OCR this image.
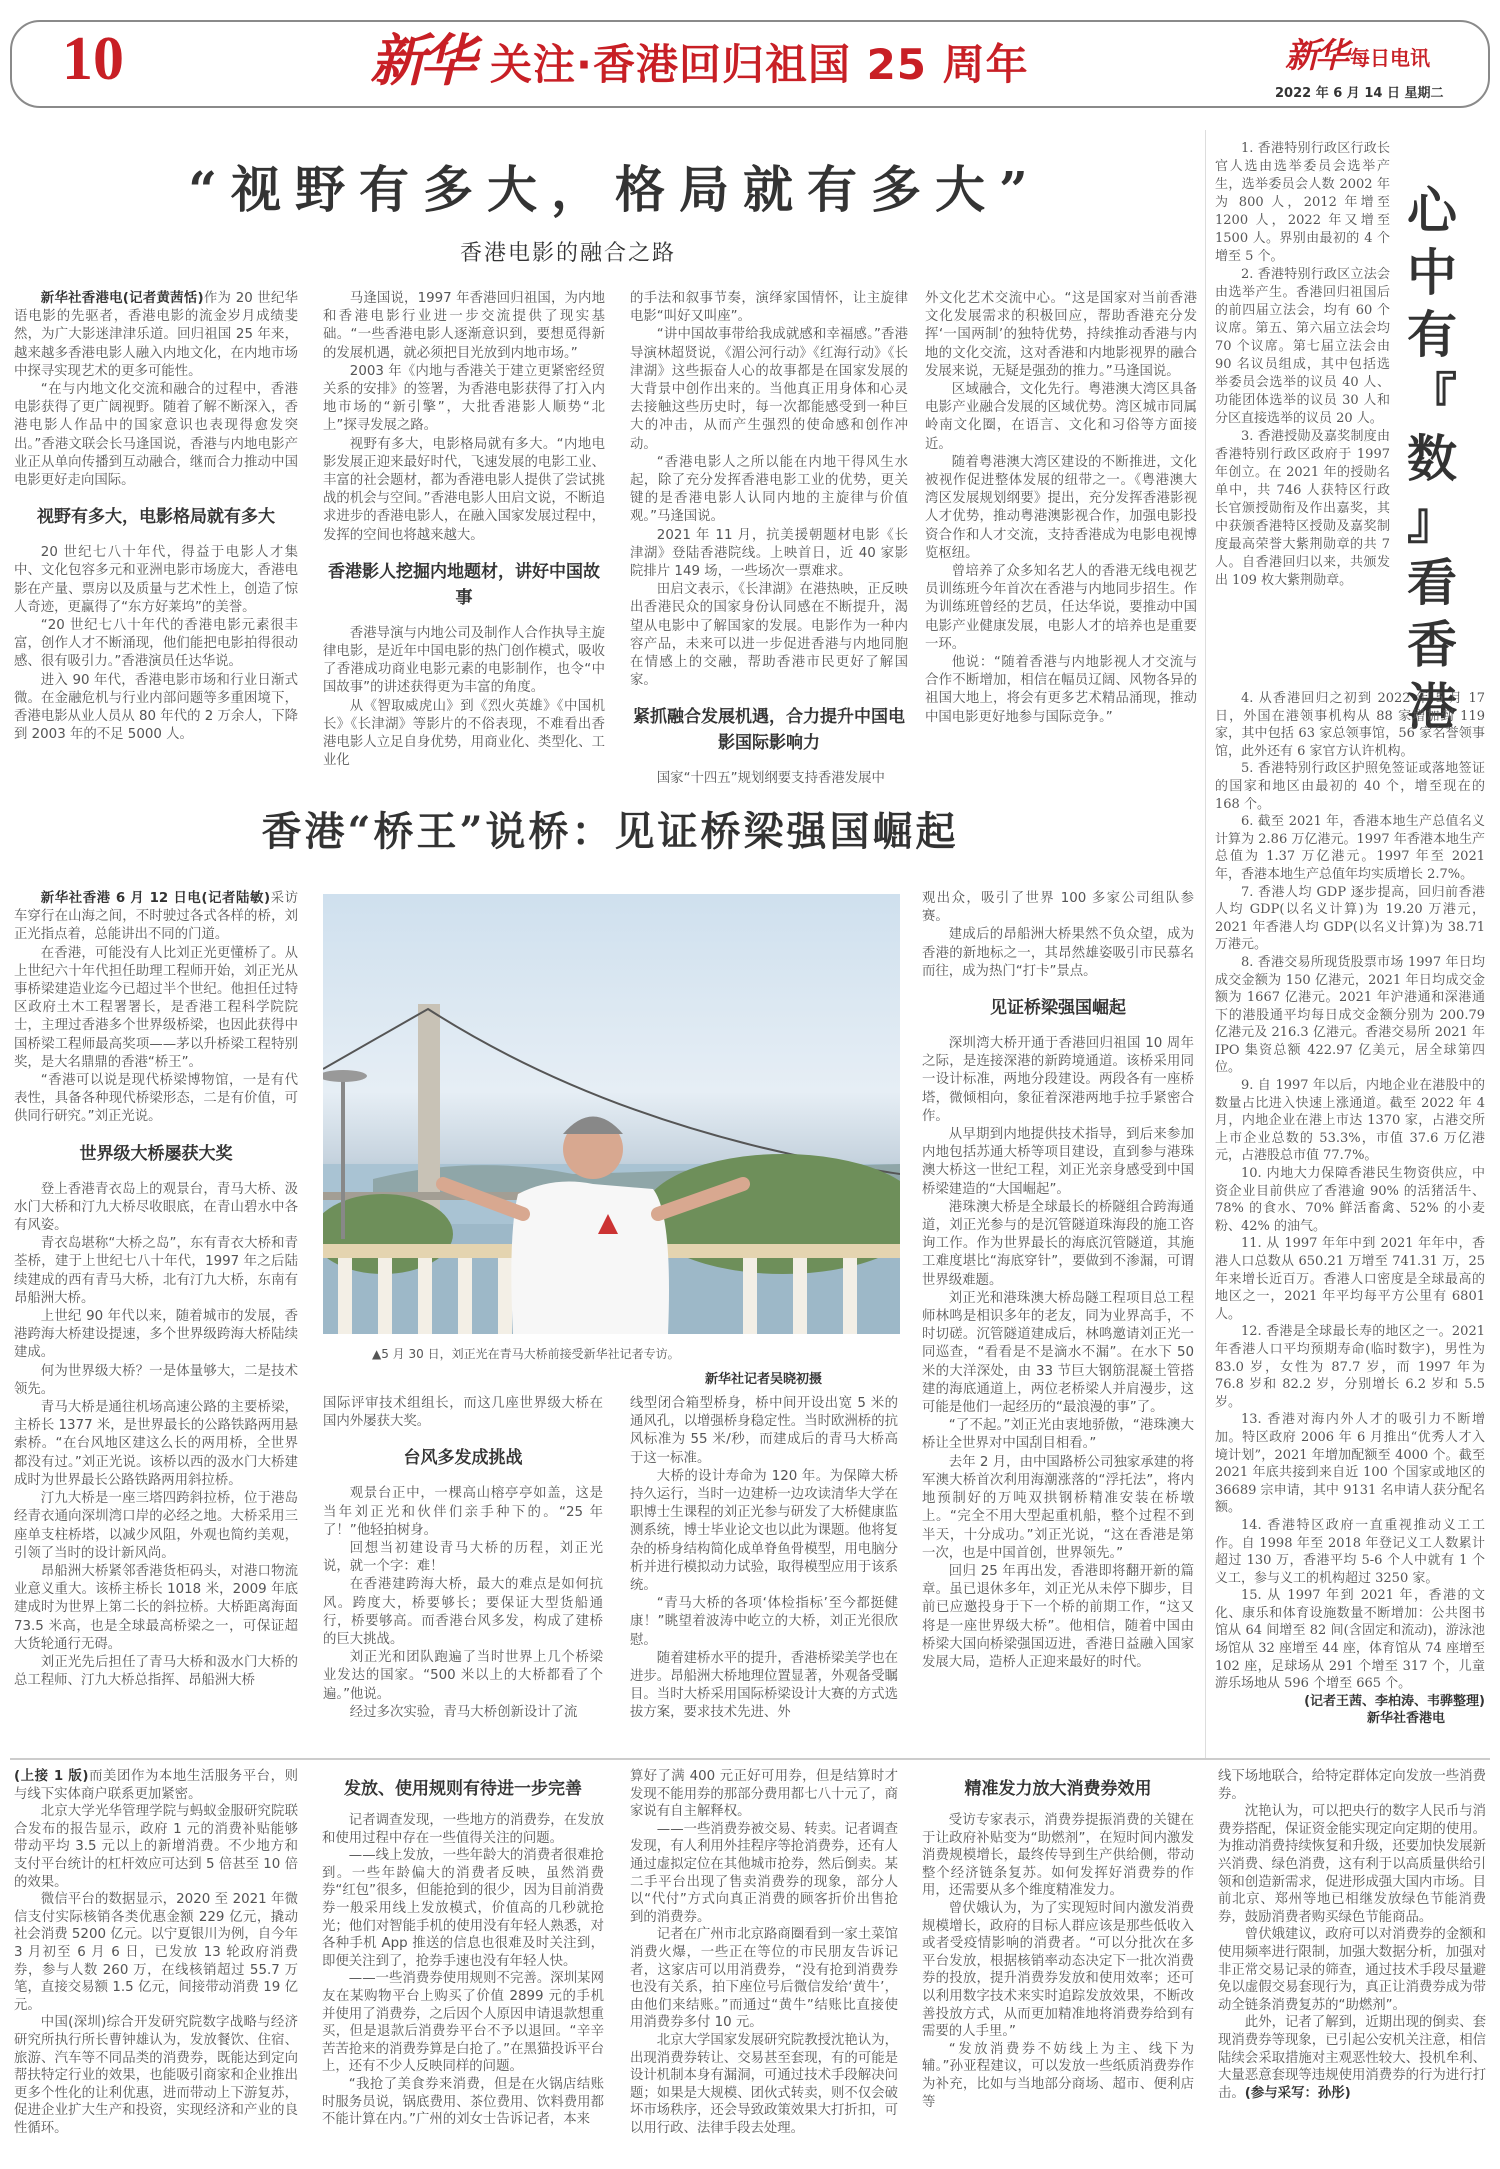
10	新华 关注·香港回归祖国 25 周年	新华 每日电讯
2022 年 6 月 14 日 星期二
“视野有多大，格局就有多大”
香港电影的融合之路

新华社香港电(记者黄茜恬)作为 20 世纪华语电影的先驱者，香港电影的流金岁月成绩斐然，为广大影迷津津乐道。回归祖国 25 年来，越来越多香港电影人融入内地文化，在内地市场中探寻实现艺术的更多可能性。

“在与内地文化交流和融合的过程中，香港电影获得了更广阔视野。随着了解不断深入，香港电影人作品中的国家意识也表现得愈发突出。”香港文联会长马逢国说，香港与内地电影产业正从单向传播到互动融合，继而合力推动中国电影更好走向国际。

视野有多大，电影格局就有多大

20 世纪七八十年代，得益于电影人才集中、文化包容多元和亚洲电影市场庞大，香港电影在产量、票房以及质量与艺术性上，创造了惊人奇迹，更赢得了“东方好莱坞”的美誉。

“20 世纪七八十年代的香港电影元素很丰富，创作人才不断涌现，他们能把电影拍得很动感、很有吸引力。”香港演员任达华说。

进入 90 年代，香港电影市场和行业日渐式微。在金融危机与行业内部问题等多重困境下，香港电影从业人员从 80 年代的 2 万余人，下降到 2003 年的不足 5000 人。

马逢国说，1997 年香港回归祖国，为内地和香港电影行业进一步交流提供了现实基础。“一些香港电影人逐渐意识到，要想觅得新的发展机遇，就必须把目光放到内地市场。”

2003 年《内地与香港关于建立更紧密经贸关系的安排》的签署，为香港电影获得了打入内地市场的“新引擎”，大批香港影人顺势“北上”探寻发展之路。

视野有多大，电影格局就有多大。“内地电影发展正迎来最好时代，飞速发展的电影工业、丰富的社会题材，都为香港电影人提供了尝试挑战的机会与空间。”香港电影人田启文说，不断追求进步的香港电影人，在融入国家发展过程中，发挥的空间也将越来越大。

香港影人挖掘内地题材，讲好中国故事

香港导演与内地公司及制作人合作执导主旋律电影，是近年中国电影的热门创作模式，吸收了香港成功商业电影元素的电影制作，也令“中国故事”的讲述获得更为丰富的角度。

从《智取威虎山》到《烈火英雄》《中国机长》《长津湖》等影片的不俗表现，不难看出香港电影人立足自身优势，用商业化、类型化、工业化

的手法和叙事节奏，演绎家国情怀，让主旋律电影“叫好又叫座”。

“讲中国故事带给我成就感和幸福感。”香港导演林超贤说，《湄公河行动》《红海行动》《长津湖》这些振奋人心的故事都是在国家发展的大背景中创作出来的。当他真正用身体和心灵去接触这些历史时，每一次都能感受到一种巨大的冲击，从而产生强烈的使命感和创作冲动。

“香港电影人之所以能在内地干得风生水起，除了充分发挥香港电影工业的优势，更关键的是香港电影人认同内地的主旋律与价值观。”马逢国说。

2021 年 11 月，抗美援朝题材电影《长津湖》登陆香港院线。上映首日，近 40 家影院排片 149 场，一些场次一票难求。

田启文表示，《长津湖》在港热映，正反映出香港民众的国家身份认同感在不断提升，渴望从电影中了解国家的发展。电影作为一种内容产品，未来可以进一步促进香港与内地同胞在情感上的交融，帮助香港市民更好了解国家。

紧抓融合发展机遇，合力提升中国电影国际影响力

国家“十四五”规划纲要支持香港发展中

外文化艺术交流中心。“这是国家对当前香港文化发展需求的积极回应，帮助香港充分发挥‘一国两制’的独特优势，持续推动香港与内地的文化交流，这对香港和内地影视界的融合发展来说，无疑是强劲的推力。”马逢国说。

区域融合，文化先行。粤港澳大湾区具备电影产业融合发展的区域优势。湾区城市同属岭南文化圈，在语言、文化和习俗等方面接近。

随着粤港澳大湾区建设的不断推进，文化被视作促进整体发展的纽带之一。《粤港澳大湾区发展规划纲要》提出，充分发挥香港影视人才优势，推动粤港澳影视合作，加强电影投资合作和人才交流，支持香港成为电影电视博览枢纽。

曾培养了众多知名艺人的香港无线电视艺员训练班今年首次在香港与内地同步招生。作为训练班曾经的艺员，任达华说，要推动中国电影产业健康发展，电影人才的培养也是重要一环。

他说：“随着香港与内地影视人才交流与合作不断增加，相信在幅员辽阔、风物各异的祖国大地上，将会有更多艺术精品涌现，推动中国电影更好地参与国际竞争。”

1. 香港特别行政区行政长官人选由选举委员会选举产生，选举委员会人数 2002 年为 800 人，2012 年增至 1200 人，2022 年又增至 1500 人。界别由最初的 4 个增至 5 个。

2. 香港特别行政区立法会由选举产生。香港回归祖国后的前四届立法会，均有 60 个议席。第五、第六届立法会均 70 个议席。第七届立法会由 90 名议员组成，其中包括选举委员会选举的议员 40 人、功能团体选举的议员 30 人和分区直接选举的议员 20 人。

3. 香港授勋及嘉奖制度由香港特别行政区政府于 1997 年创立。在 2021 年的授勋名单中，共 746 人获特区行政长官颁授勋衔及作出嘉奖，其中获颁香港特区授勋及嘉奖制度最高荣誉大紫荆勋章的共 7 人。自香港回归以来，共颁发出 109 枚大紫荆勋章。

心
中
有
『
数
』
看
香
港

4. 从香港回归之初到 2022 年 5 月 17 日，外国在港领事机构从 88 家增加到 119 家，其中包括 63 家总领事馆，56 家名誉领事馆，此外还有 6 家官方认许机构。

5. 香港特别行政区护照免签证或落地签证的国家和地区由最初的 40 个，增至现在的 168 个。

6. 截至 2021 年，香港本地生产总值名义计算为 2.86 万亿港元。1997 年香港本地生产总值为 1.37 万亿港元。1997 年至 2021 年，香港本地生产总值年均实质增长 2.7%。

7. 香港人均 GDP 逐步提高，回归前香港人均 GDP(以名义计算)为 19.20 万港元，2021 年香港人均 GDP(以名义计算)为 38.71 万港元。

8. 香港交易所现货股票市场 1997 年日均成交金额为 150 亿港元，2021 年日均成交金额为 1667 亿港元。2021 年沪港通和深港通下的港股通平均每日成交金额分别为 200.79 亿港元及 216.3 亿港元。香港交易所 2021 年 IPO 集资总额 422.97 亿美元，居全球第四位。

9. 自 1997 年以后，内地企业在港股中的数量占比进入快速上涨通道。截至 2022 年 4 月，内地企业在港上市达 1370 家，占港交所上市企业总数的 53.3%，市值 37.6 万亿港元，占港股总市值 77.7%。

10. 内地大力保障香港民生物资供应，中资企业目前供应了香港逾 90% 的活猪活牛、78% 的食水、70% 鲜活畜禽、52% 的小麦粉、42% 的油气。

11. 从 1997 年年中到 2021 年年中，香港人口总数从 650.21 万增至 741.31 万，25 年来增长近百万。香港人口密度是全球最高的地区之一，2021 年平均每平方公里有 6801 人。

12. 香港是全球最长寿的地区之一。2021 年香港人口平均预期寿命(临时数字)，男性为 83.0 岁，女性为 87.7 岁，而 1997 年为 76.8 岁和 82.2 岁，分别增长 6.2 岁和 5.5 岁。

13. 香港对海内外人才的吸引力不断增加。特区政府 2006 年 6 月推出“优秀人才入境计划”，2021 年增加配额至 4000 个。截至 2021 年底共接到来自近 100 个国家或地区的 36689 宗申请，其中 9131 名申请人获分配名额。

14. 香港特区政府一直重视推动义工工作。自 1998 年至 2018 年登记义工人数累计超过 130 万，香港平均 5-6 个人中就有 1 个义工，参与义工的机构超过 3250 家。

15. 从 1997 年到 2021 年，香港的文化、康乐和体育设施数量不断增加：公共图书馆从 64 间增至 82 间(含固定和流动)，游泳池场馆从 32 座增至 44 座，体育馆从 74 座增至 102 座，足球场从 291 个增至 317 个，儿童游乐场地从 596 个增至 665 个。

(记者王茜、李柏涛、韦骅整理)
新华社香港电
香港“桥王”说桥：见证桥梁强国崛起

新华社香港 6 月 12 日电(记者陆敏)采访车穿行在山海之间，不时驶过各式各样的桥，刘正光指点着，总能讲出不同的门道。

在香港，可能没有人比刘正光更懂桥了。从上世纪六十年代担任助理工程师开始，刘正光从事桥梁建造业迄今已超过半个世纪。他担任过特区政府土木工程署署长，是香港工程科学院院士，主理过香港多个世界级桥梁，也因此获得中国桥梁工程师最高奖项——茅以升桥梁工程特别奖，是大名鼎鼎的香港“桥王”。

“香港可以说是现代桥梁博物馆，一是有代表性，具备各种现代桥梁形态，二是有价值，可供同行研究。”刘正光说。

世界级大桥屡获大奖

登上香港青衣岛上的观景台，青马大桥、汲水门大桥和汀九大桥尽收眼底，在青山碧水中各有风姿。

青衣岛堪称“大桥之岛”，东有青衣大桥和青荃桥，建于上世纪七八十年代，1997 年之后陆续建成的西有青马大桥，北有汀九大桥，东南有昂船洲大桥。

上世纪 90 年代以来，随着城市的发展，香港跨海大桥建设提速，多个世界级跨海大桥陆续建成。

何为世界级大桥？一是体量够大，二是技术领先。

青马大桥是通往机场高速公路的主要桥梁，主桥长 1377 米，是世界最长的公路铁路两用悬索桥。“在台风地区建这么长的两用桥，全世界都没有过。”刘正光说。该桥以西的汲水门大桥建成时为世界最长公路铁路两用斜拉桥。

汀九大桥是一座三塔四跨斜拉桥，位于港岛经青衣通向深圳湾口岸的必经之地。大桥采用三座单支柱桥塔，以减少风阻，外观也简约美观，引领了当时的设计新风尚。

昂船洲大桥紧邻香港货柜码头，对港口物流业意义重大。该桥主桥长 1018 米，2009 年底建成时为世界上第二长的斜拉桥。大桥距离海面 73.5 米高，也是全球最高桥梁之一，可保证超大货轮通行无碍。

刘正光先后担任了青马大桥和汲水门大桥的总工程师、汀九大桥总指挥、昂船洲大桥

▲5 月 30 日，刘正光在青马大桥前接受新华社记者专访。
新华社记者吴晓初摄

国际评审技术组组长，而这几座世界级大桥在国内外屡获大奖。

台风多发成挑战

观景台正中，一棵高山榕亭亭如盖，这是当年刘正光和伙伴们亲手种下的。“25 年了！”他轻拍树身。

回想当初建设青马大桥的历程，刘正光说，就一个字：难！

在香港建跨海大桥，最大的难点是如何抗风。跨度大，桥要够长；要保证大型货船通行，桥要够高。而香港台风多发，构成了建桥的巨大挑战。

刘正光和团队跑遍了当时世界上几个桥梁业发达的国家。“500 米以上的大桥都看了个遍。”他说。

经过多次实验，青马大桥创新设计了流

线型闭合箱型桥身，桥中间开设出宽 5 米的通风孔，以增强桥身稳定性。当时欧洲桥的抗风标准为 55 米/秒，而建成后的青马大桥高于这一标准。

大桥的设计寿命为 120 年。为保障大桥持久运行，当时一边建桥一边攻读清华大学在职博士生课程的刘正光参与研发了大桥健康监测系统，博士毕业论文也以此为课题。他将复杂的桥身结构简化成单脊鱼骨模型，用电脑分析并进行模拟动力试验，取得模型应用于该系统。

“青马大桥的各项‘体检指标’至今都挺健康！”眺望着波涛中屹立的大桥，刘正光很欣慰。

随着建桥水平的提升，香港桥梁美学也在进步。昂船洲大桥地理位置显著，外观备受瞩目。当时大桥采用国际桥梁设计大赛的方式选拔方案，要求技术先进、外

观出众，吸引了世界 100 多家公司组队参赛。

建成后的昂船洲大桥果然不负众望，成为香港的新地标之一，其昂然雄姿吸引市民慕名而往，成为热门“打卡”景点。

见证桥梁强国崛起

深圳湾大桥开通于香港回归祖国 10 周年之际，是连接深港的新跨境通道。该桥采用同一设计标准，两地分段建设。两段各有一座桥塔，微倾相向，象征着深港两地手拉手紧密合作。

从早期到内地提供技术指导，到后来参加内地包括苏通大桥等项目建设，直到参与港珠澳大桥这一世纪工程，刘正光亲身感受到中国桥梁建造的“大国崛起”。

港珠澳大桥是全球最长的桥隧组合跨海通道，刘正光参与的是沉管隧道珠海段的施工咨询工作。作为世界最长的海底沉管隧道，其施工难度堪比“海底穿针”，要做到不渗漏，可谓世界级难题。

刘正光和港珠澳大桥岛隧工程项目总工程师林鸣是相识多年的老友，同为业界高手，不时切磋。沉管隧道建成后，林鸣邀请刘正光一同巡查，“看看是不是滴水不漏”。在水下 50 米的大洋深处，由 33 节巨大钢筋混凝土管搭建的海底通道上，两位老桥梁人并肩漫步，这可能是他们一起经历的“最浪漫的事”了。

“了不起。”刘正光由衷地骄傲，“港珠澳大桥让全世界对中国刮目相看。”

去年 2 月，由中国路桥公司独家承建的将军澳大桥首次利用海潮涨落的“浮托法”，将内地预制好的万吨双拱钢桥精准安装在桥墩上。“完全不用大型起重机船，整个过程不到半天，十分成功。”刘正光说，“这在香港是第一次，也是中国首创，世界领先。”

回归 25 年再出发，香港即将翻开新的篇章。虽已退休多年，刘正光从未停下脚步，目前已应邀投身于下一个桥的前期工作，“这又将是一座世界级大桥”。他相信，随着中国由桥梁大国向桥梁强国迈进，香港日益融入国家发展大局，造桥人正迎来最好的时代。

(上接 1 版)而美团作为本地生活服务平台，则与线下实体商户联系更加紧密。

北京大学光华管理学院与蚂蚁金服研究院联合发布的报告显示，政府 1 元的消费补贴能够带动平均 3.5 元以上的新增消费。不少地方和支付平台统计的杠杆效应可达到 5 倍甚至 10 倍的效果。

微信平台的数据显示，2020 至 2021 年微信支付实际核销各类优惠金额 229 亿元，撬动社会消费 5200 亿元。以宁夏银川为例，自今年 3 月初至 6 月 6 日，已发放 13 轮政府消费券，参与人数 260 万，在线核销超过 55.7 万笔，直接交易额 1.5 亿元，间接带动消费 19 亿元。

中国(深圳)综合开发研究院数字战略与经济研究所执行所长曹钟雄认为，发放餐饮、住宿、旅游、汽车等不同品类的消费券，既能达到定向帮扶特定行业的效果，也能吸引商家和企业推出更多个性化的让利优惠，进而带动上下游复苏，促进企业扩大生产和投资，实现经济和产业的良性循环。

发放、使用规则有待进一步完善

记者调查发现，一些地方的消费券，在发放和使用过程中存在一些值得关注的问题。

——线上发放，一些年龄大的消费者很难抢到。一些年龄偏大的消费者反映，虽然消费券“红包”很多，但能抢到的很少，因为目前消费券一般采用线上发放模式，价值高的几秒就抢光；他们对智能手机的使用没有年轻人熟悉，对各种手机 App 推送的信息也很难及时关注到，即便关注到了，抢券手速也没有年轻人快。

——一些消费券使用规则不完善。深圳某网友在某购物平台上购买了价值 2899 元的手机并使用了消费券，之后因个人原因申请退款想重买，但是退款后消费券平台不予以退回。“辛辛苦苦抢来的消费券算是白抢了。”在黑猫投诉平台上，还有不少人反映同样的问题。

“我抢了美食券来消费，但是在火锅店结账时服务员说，锅底费用、茶位费用、饮料费用都不能计算在内。”广州的刘女士告诉记者，本来

算好了满 400 元正好可用券，但是结算时才发现不能用券的那部分费用都七八十元了，商家说有自主解释权。

——一些消费券被交易、转卖。记者调查发现，有人利用外挂程序等抢消费券，还有人通过虚拟定位在其他城市抢券，然后倒卖。某二手平台出现了售卖消费券的现象，部分人以“代付”方式向真正消费的顾客折价出售抢到的消费券。

记者在广州市北京路商圈看到一家土菜馆消费火爆，一些正在等位的市民朋友告诉记者，这家店可以用消费券，“没有抢到消费券也没有关系，拍下座位号后微信发给‘黄牛’，由他们来结账。”而通过“黄牛”结账比直接使用消费券多付 10 元。

北京大学国家发展研究院教授沈艳认为，出现消费券转让、交易甚至套现，有的可能是设计机制本身有漏洞，可通过技术手段解决问题；如果是大规模、团伙式转卖，则不仅会破坏市场秩序，还会导致政策效果大打折扣，可以用行政、法律手段去处理。

精准发力放大消费券效用

受访专家表示，消费券提振消费的关键在于让政府补贴变为“助燃剂”，在短时间内激发消费规模增长，最终传导到生产供给侧，带动整个经济链条复苏。如何发挥好消费券的作用，还需要从多个维度精准发力。

曾伏娥认为，为了实现短时间内激发消费规模增长，政府的目标人群应该是那些低收入或者受疫情影响的消费者。“可以分批次在多平台发放，根据核销率动态决定下一批次消费券的投放，提升消费券发放和使用效率；还可以利用数字技术来实时追踪发放效果，不断改善投放方式，从而更加精准地将消费券给到有需要的人手里。”

“发放消费券不妨线上为主、线下为辅。”孙亚程建议，可以发放一些纸质消费券作为补充，比如与当地部分商场、超市、便利店等

线下场地联合，给特定群体定向发放一些消费券。

沈艳认为，可以把央行的数字人民币与消费券搭配，保证资金能实现定向定期的使用。为推动消费持续恢复和升级，还要加快发展新兴消费、绿色消费，这有利于以高质量供给引领和创造新需求，促进形成强大国内市场。目前北京、郑州等地已相继发放绿色节能消费券，鼓励消费者购买绿色节能商品。

曾伏娥建议，政府可以对消费券的金额和使用频率进行限制，加强大数据分析，加强对非正常交易记录的筛查，通过技术手段尽量避免以虚假交易套现行为，真正让消费券成为带动全链条消费复苏的“助燃剂”。

此外，记者了解到，近期出现的倒卖、套现消费券等现象，已引起公安机关注意，相信陆续会采取措施对主观恶性较大、投机牟利、大量恶意套现等违规使用消费券的行为进行打击。(参与采写：孙彤)
